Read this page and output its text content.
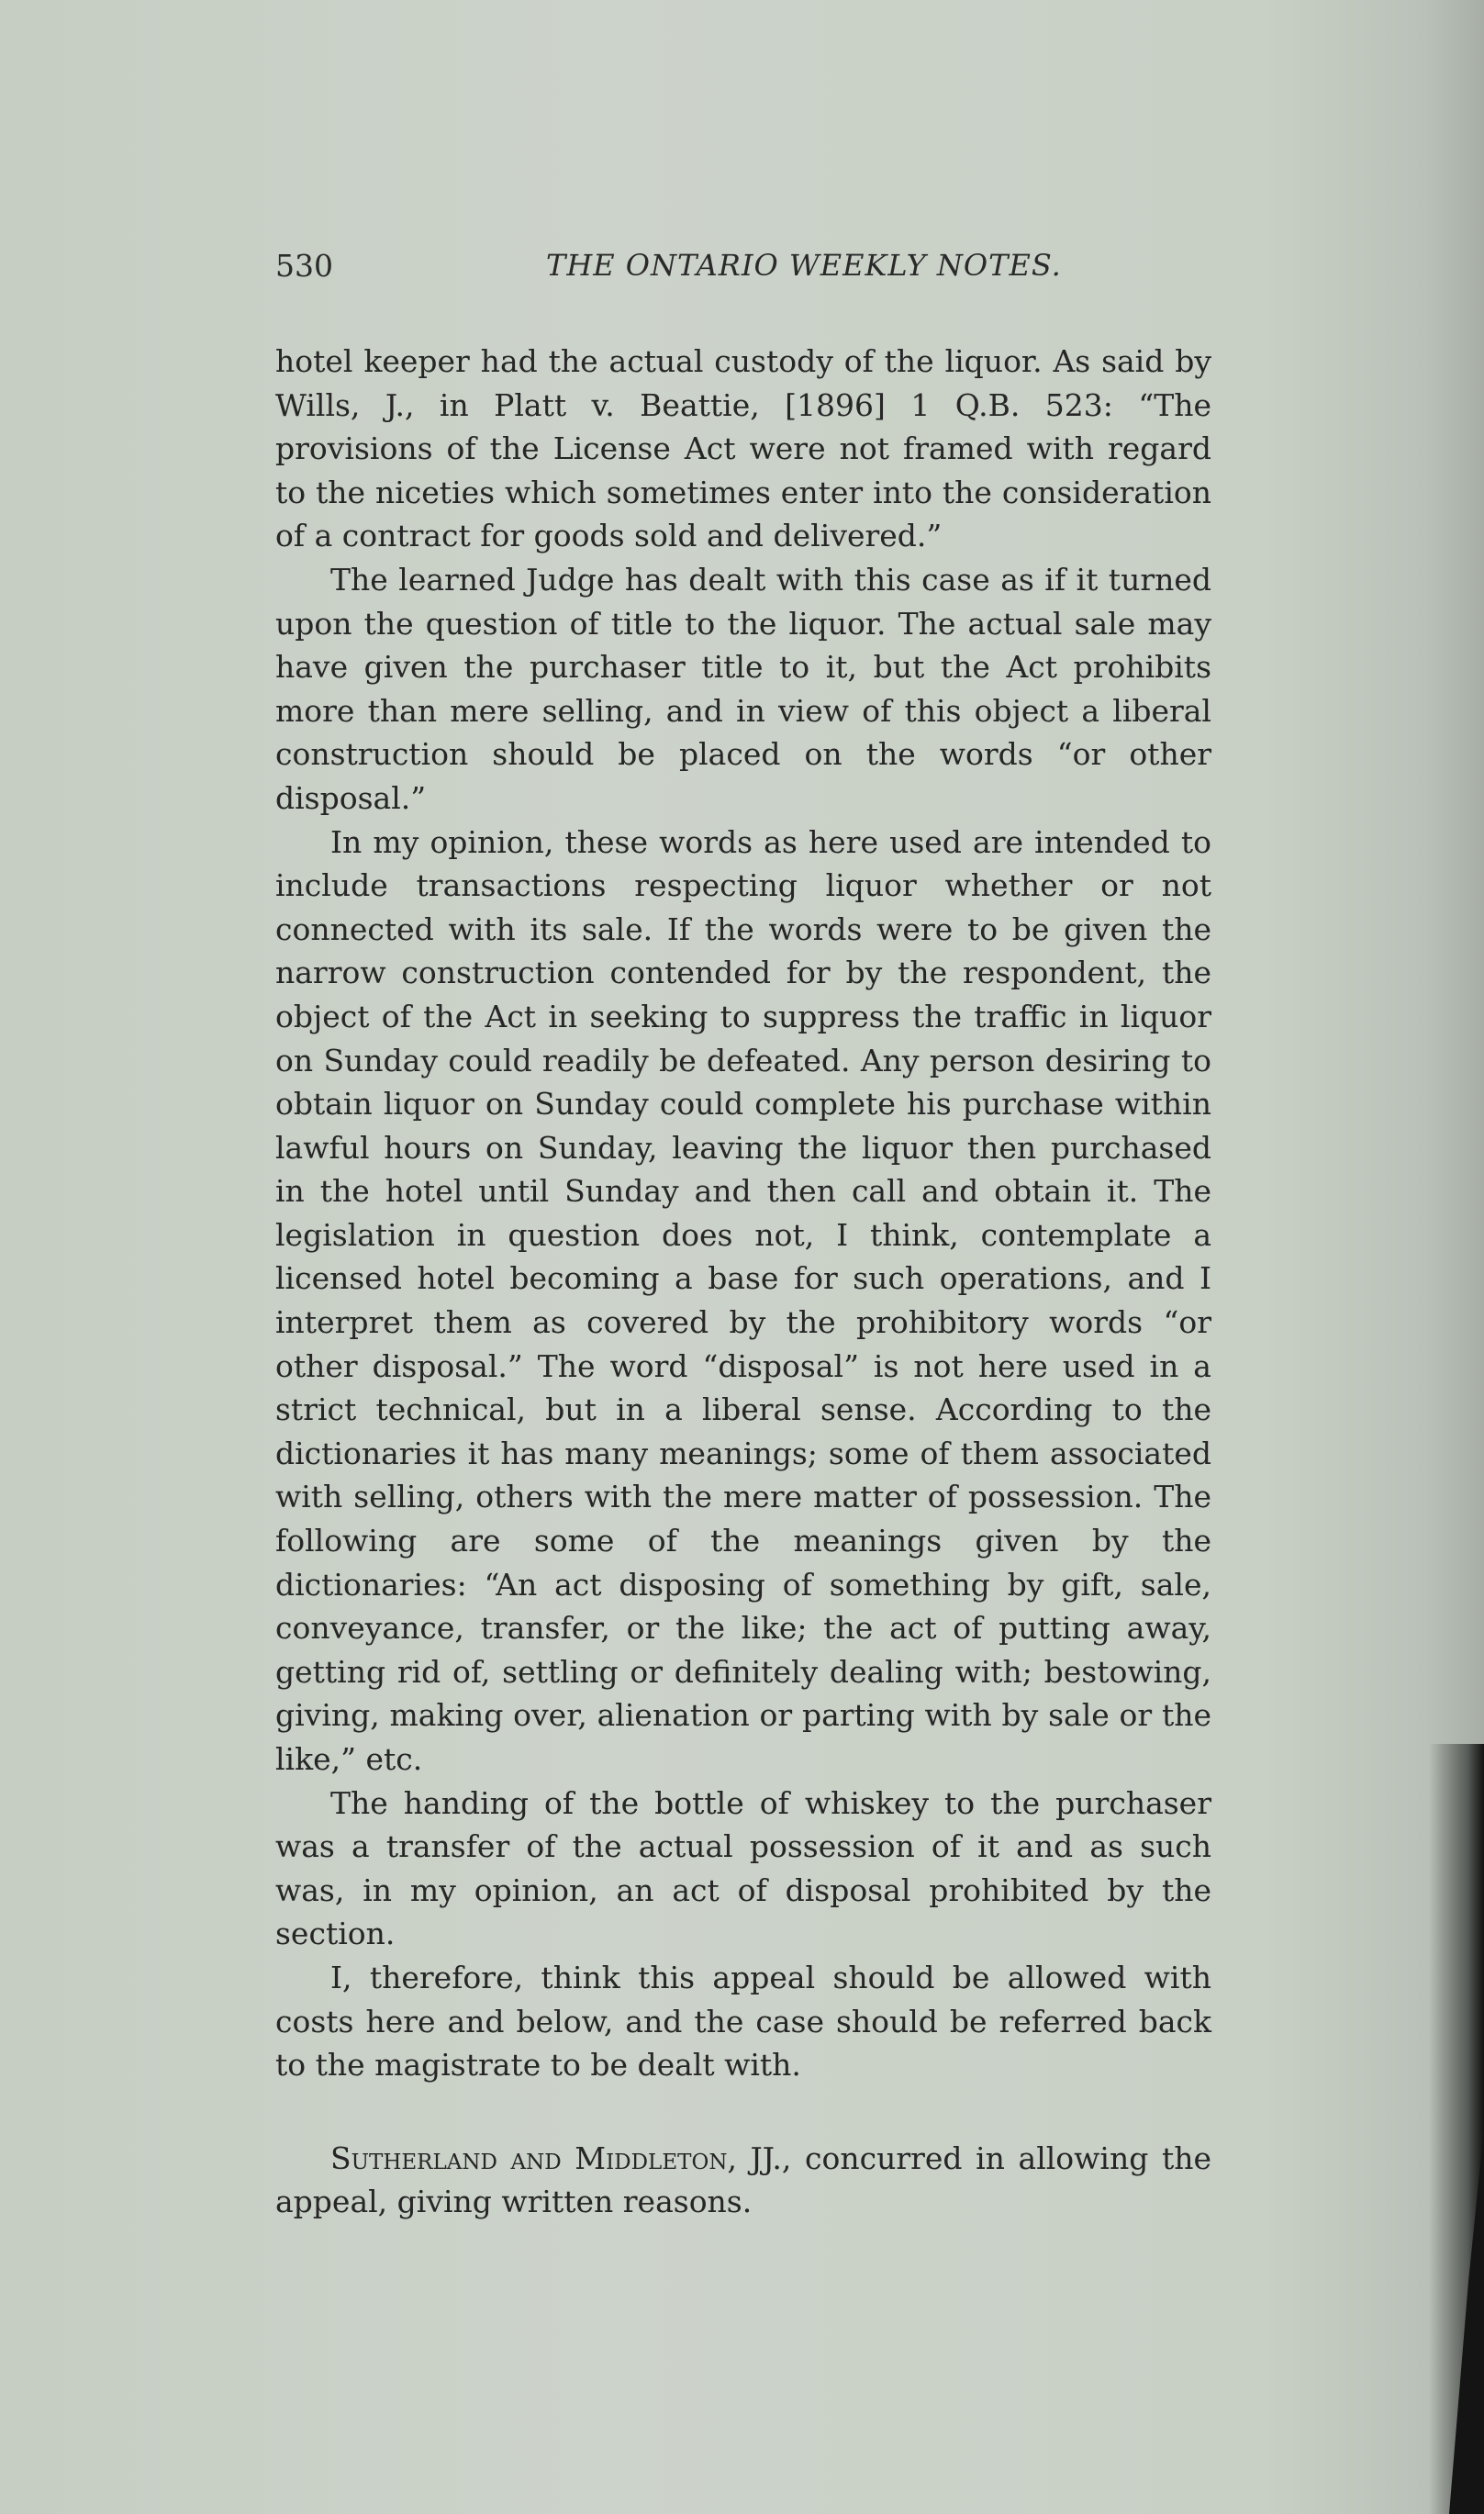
530	THE ONTARIO WEEKLY NOTES.

hotel keeper had the actual custody of the liquor. As said by Wills, J., in Platt v. Beattie, [1896] 1 Q.B. 523: “The provisions of the License Act were not framed with regard to the niceties which sometimes enter into the consideration of a contract for goods sold and delivered.”

The learned Judge has dealt with this case as if it turned upon the question of title to the liquor. The actual sale may have given the purchaser title to it, but the Act prohibits more than mere selling, and in view of this object a liberal construction should be placed on the words “or other disposal.”

In my opinion, these words as here used are intended to include transactions respecting liquor whether or not connected with its sale. If the words were to be given the narrow construction contended for by the respondent, the object of the Act in seeking to suppress the traffic in liquor on Sunday could readily be defeated. Any person desiring to obtain liquor on Sunday could complete his purchase within lawful hours on Sunday, leaving the liquor then purchased in the hotel until Sunday and then call and obtain it. The legislation in question does not, I think, contemplate a licensed hotel becoming a base for such operations, and I interpret them as covered by the prohibitory words “or other disposal.” The word “disposal” is not here used in a strict technical, but in a liberal sense. According to the dictionaries it has many meanings; some of them associated with selling, others with the mere matter of possession. The following are some of the meanings given by the dictionaries: “An act disposing of something by gift, sale, conveyance, transfer, or the like; the act of putting away, getting rid of, settling or definitely dealing with; bestowing, giving, making over, alienation or parting with by sale or the like,” etc.

The handing of the bottle of whiskey to the purchaser was a transfer of the actual possession of it and as such was, in my opinion, an act of disposal prohibited by the section.

I, therefore, think this appeal should be allowed with costs here and below, and the case should be referred back to the magistrate to be dealt with.

Sutherland and Middleton, JJ., concurred in allowing the appeal, giving written reasons.
